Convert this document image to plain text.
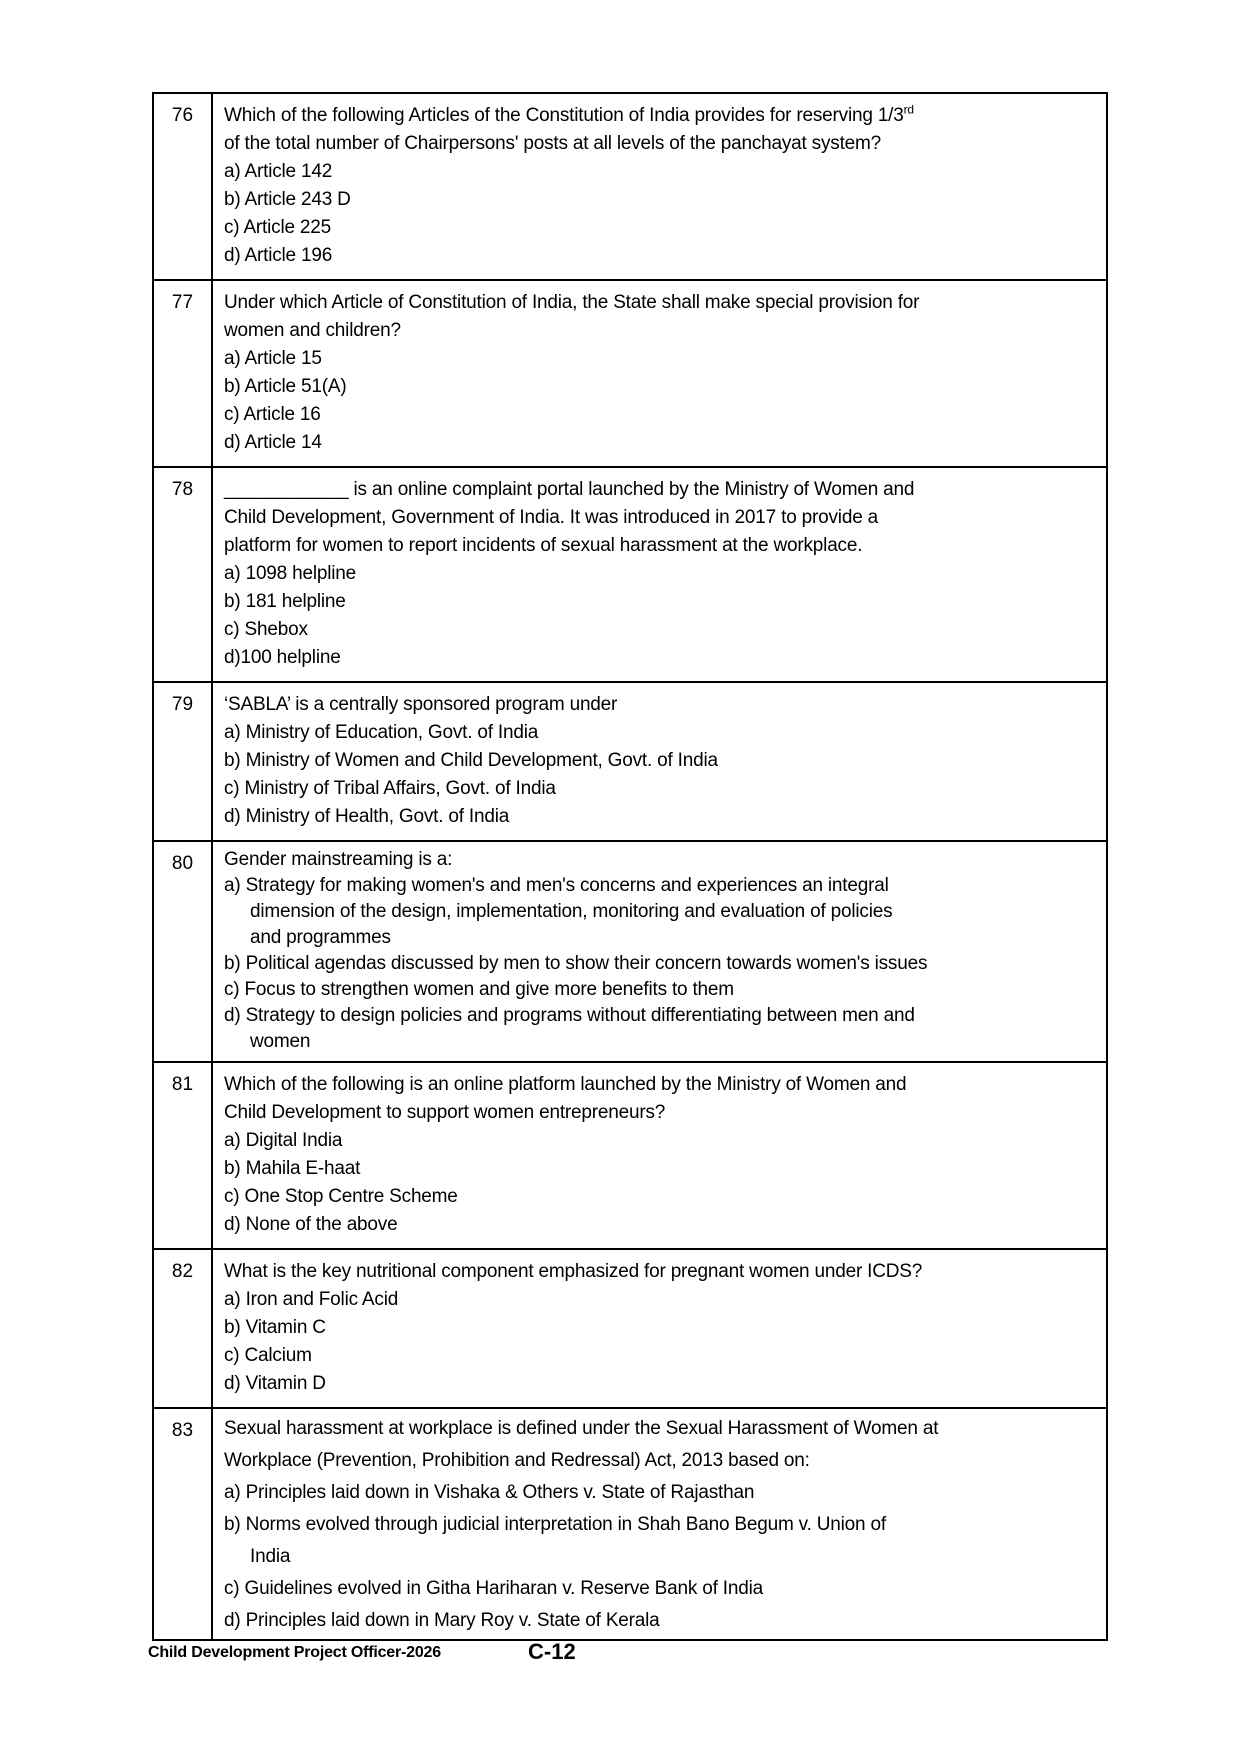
76	Which of the following Articles of the Constitution of India provides for reserving 1/3rd
of the total number of Chairpersons' posts at all levels of the panchayat system?
a) Article 142
b) Article 243 D
c) Article 225
d) Article 196
77	Under which Article of Constitution of India, the State shall make special provision for
women and children?
a) Article 15
b) Article 51(A)
c) Article 16
d) Article 14
78	____________ is an online complaint portal launched by the Ministry of Women and
Child Development, Government of India. It was introduced in 2017 to provide a
platform for women to report incidents of sexual harassment at the workplace.
a) 1098 helpline
b) 181 helpline
c) Shebox
d)100 helpline
79	‘SABLA’ is a centrally sponsored program under
a) Ministry of Education, Govt. of India
b) Ministry of Women and Child Development, Govt. of India
c) Ministry of Tribal Affairs, Govt. of India
d) Ministry of Health, Govt. of India
80	Gender mainstreaming is a:
a) Strategy for making women's and men's concerns and experiences an integral
dimension of the design, implementation, monitoring and evaluation of policies
and programmes
b) Political agendas discussed by men to show their concern towards women's issues
c) Focus to strengthen women and give more benefits to them
d) Strategy to design policies and programs without differentiating between men and
women
81	Which of the following is an online platform launched by the Ministry of Women and
Child Development to support women entrepreneurs?
a) Digital India
b) Mahila E-haat
c) One Stop Centre Scheme
d) None of the above
82	What is the key nutritional component emphasized for pregnant women under ICDS?
a) Iron and Folic Acid
b) Vitamin C
c) Calcium
d) Vitamin D
83	Sexual harassment at workplace is defined under the Sexual Harassment of Women at
Workplace (Prevention, Prohibition and Redressal) Act, 2013 based on:
a) Principles laid down in Vishaka & Others v. State of Rajasthan
b) Norms evolved through judicial interpretation in Shah Bano Begum v. Union of
India
c) Guidelines evolved in Githa Hariharan v. Reserve Bank of India
d) Principles laid down in Mary Roy v. State of Kerala
Child Development Project Officer-2026	C-12
